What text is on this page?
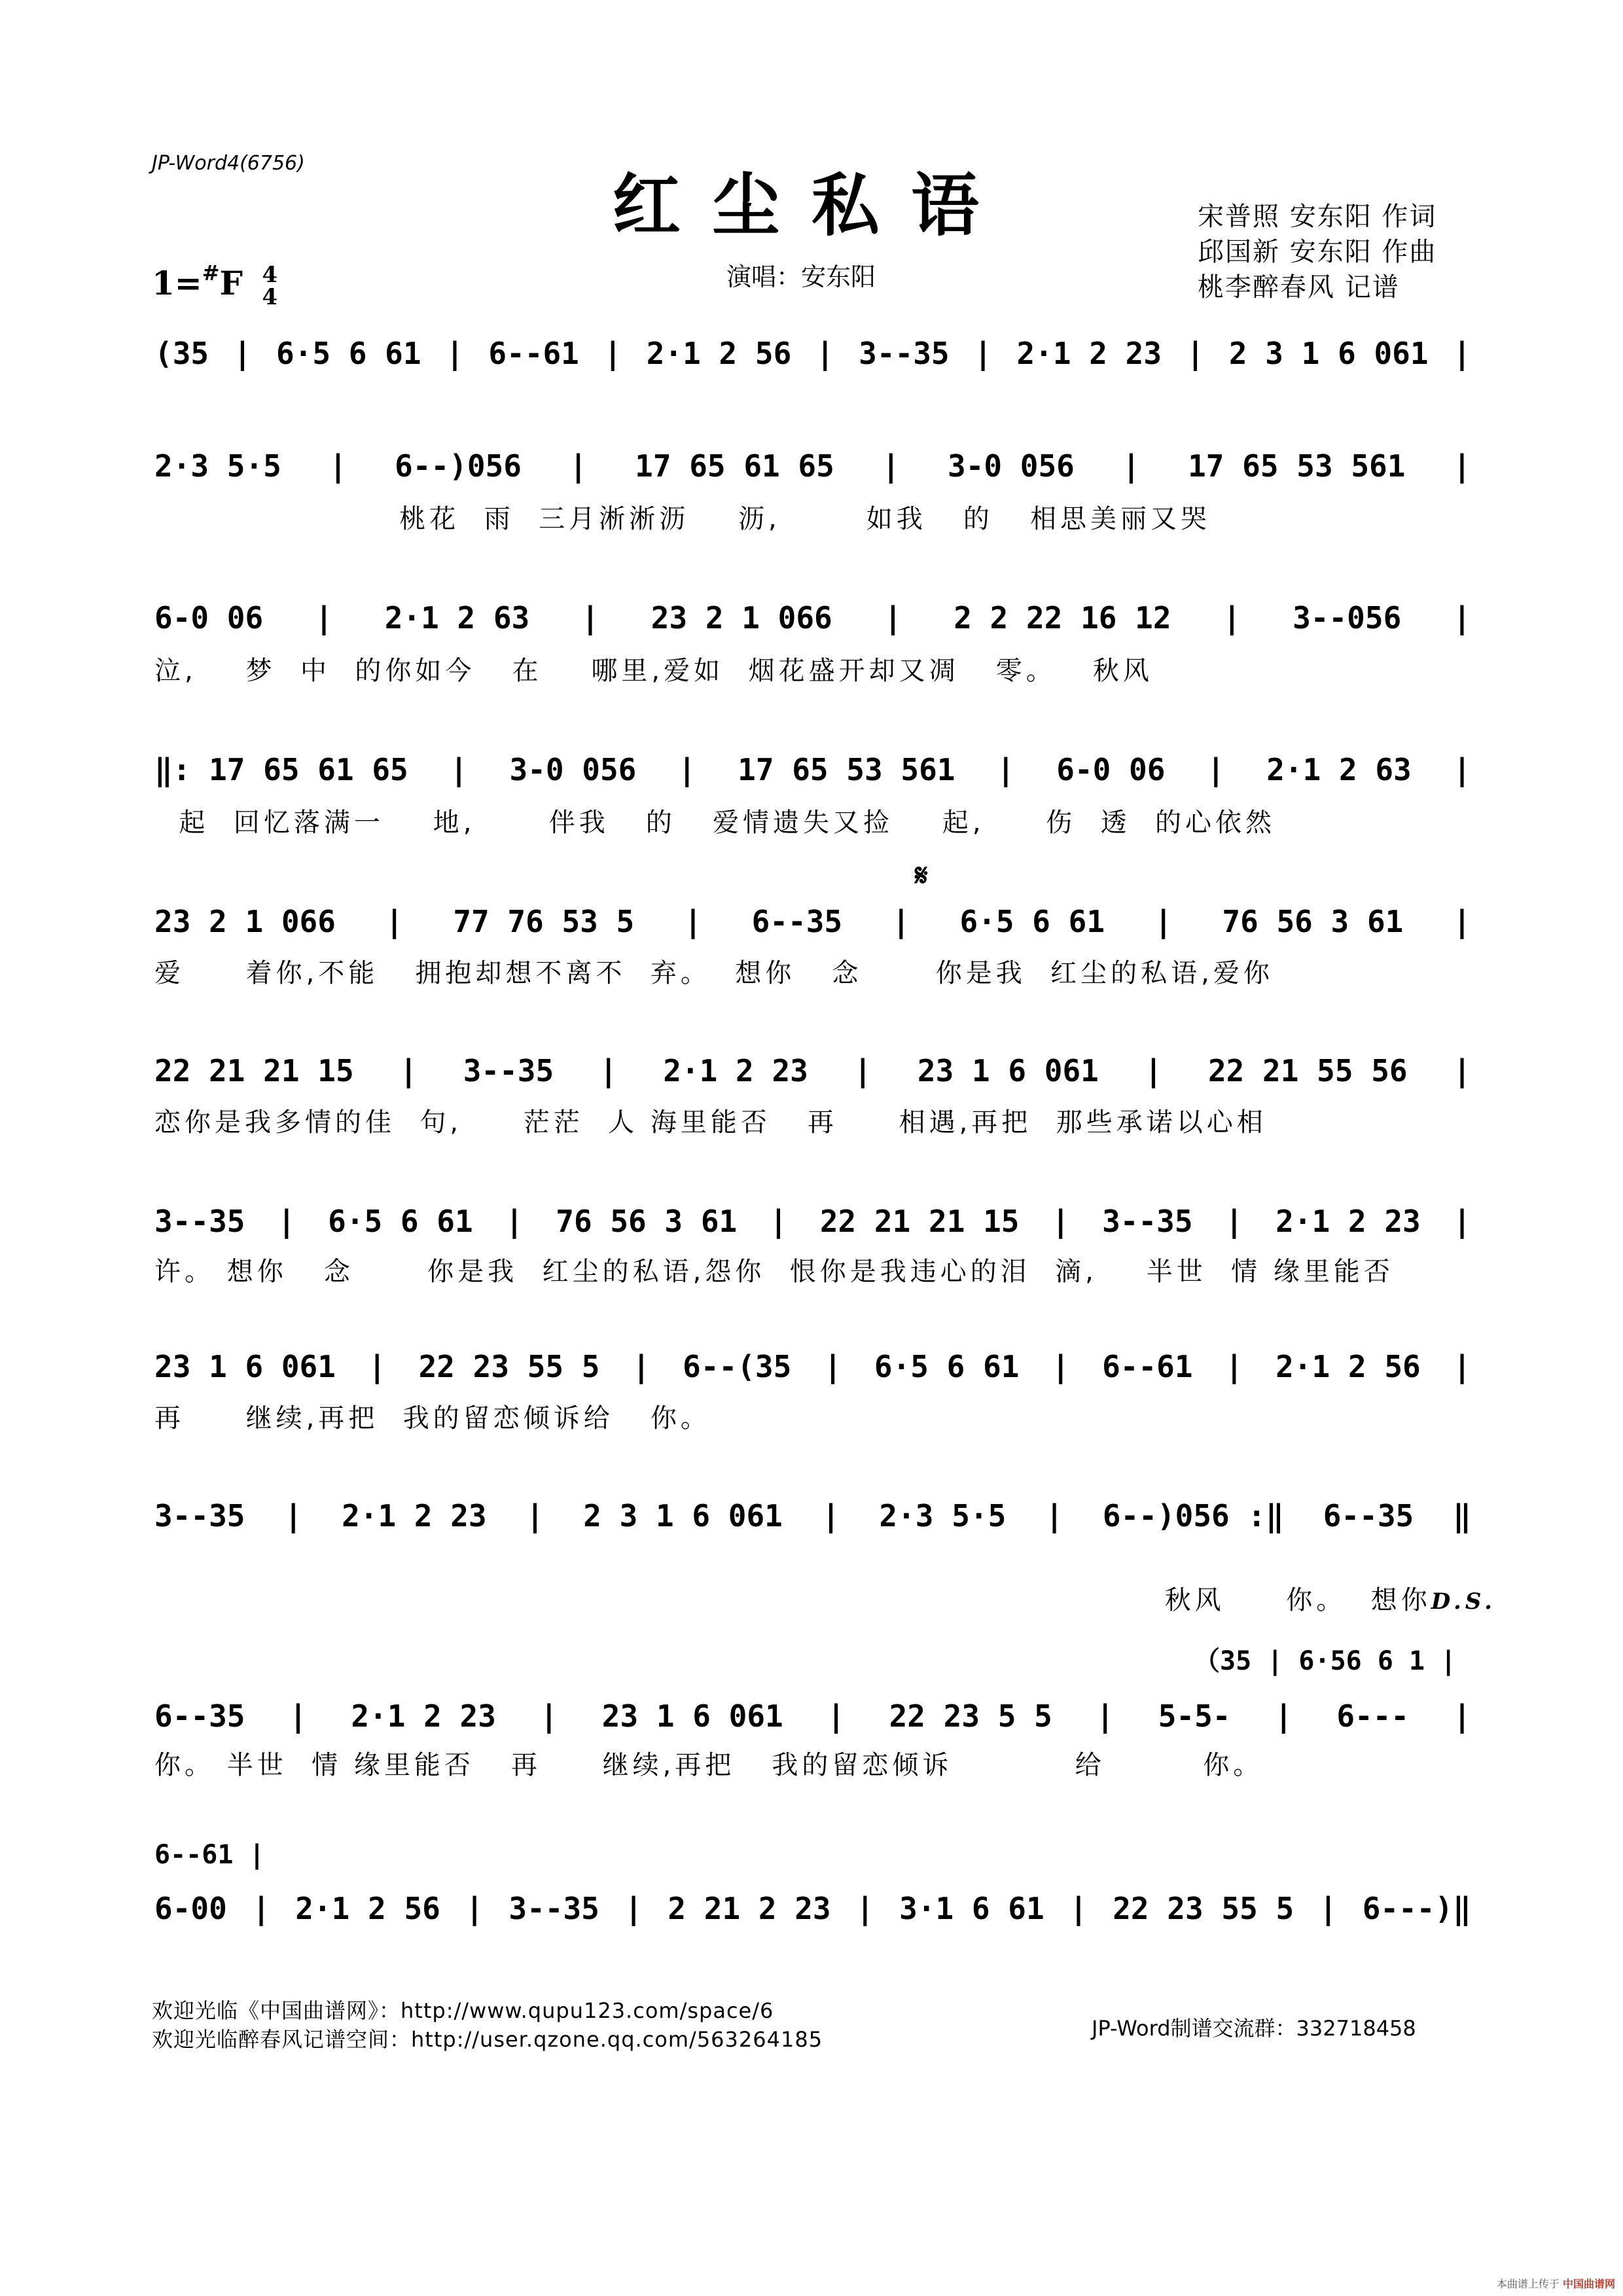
JP-Word4(6756)
红尘私语
演唱：安东阳
宋普照 安东阳 作词
邱国新 安东阳 作曲
桃李醉春风 记谱
1=#F 4
4
(35 | 6·5 6 61 | 6--61 | 2·1 2 56 | 3--35 | 2·1 2 23 | 2 3 1 6 061 |
2·3 5·5 | 6--)056 | 17 65 61 65 | 3-0 056 | 17 65 53 561 |
桃花  雨  三月淅淅沥    沥,       如我   的   相思美丽又哭
6-0 06 | 2·1 2 63 | 23 2 1 066 | 2 2 22 16 12 | 3--056 |
泣,    梦  中  的你如今   在    哪里,爱如  烟花盛开却又凋   零。   秋风
‖: 17 65 61 65 | 3-0 056 | 17 65 53 561 | 6-0 06 | 2·1 2 63 |
起  回忆落满一    地,      伴我   的   爱情遗失又捡    起,     伤  透  的心依然
𝄋
23 2 1 066 | 77 76 53 5 | 6--35 | 6·5 6 61 | 76 56 3 61 |
爱     着你,不能   拥抱却想不离不  弃。  想你   念      你是我  红尘的私语,爱你
22 21 21 15 | 3--35 | 2·1 2 23 | 23 1 6 061 | 22 21 55 56 |
恋你是我多情的佳  句,     茫茫  人 海里能否   再     相遇,再把  那些承诺以心相
3--35 | 6·5 6 61 | 76 56 3 61 | 22 21 21 15 | 3--35 | 2·1 2 23 |
许。 想你   念      你是我  红尘的私语,怨你  恨你是我违心的泪  滴,    半世  情 缘里能否
23 1 6 061 | 22 23 55 5 | 6--(35 | 6·5 6 61 | 6--61 | 2·1 2 56 |
再     继续,再把  我的留恋倾诉给   你。
3--35 | 2·1 2 23 | 2 3 1 6 061 | 2·3 5·5 | 6--)056 :‖ 6--35 ‖

秋风     你。  想你D.S.

（35 | 6·56 6 1 |
6--35 | 2·1 2 23 | 23 1 6 061 | 22 23 5 5 | 5-5- | 6--- |
你。 半世  情 缘里能否   再     继续,再把   我的留恋倾诉          给        你。
6--61 |
6-00 | 2·1 2 56 | 3--35 | 2 21 2 23 | 3·1 6 61 | 22 23 55 5 | 6---)‖
欢迎光临《中国曲谱网》：http://www.qupu123.com/space/6
欢迎光临醉春风记谱空间：http://user.qzone.qq.com/563264185	JP-Word制谱交流群：332718458
本曲谱上传于 中国曲谱网
